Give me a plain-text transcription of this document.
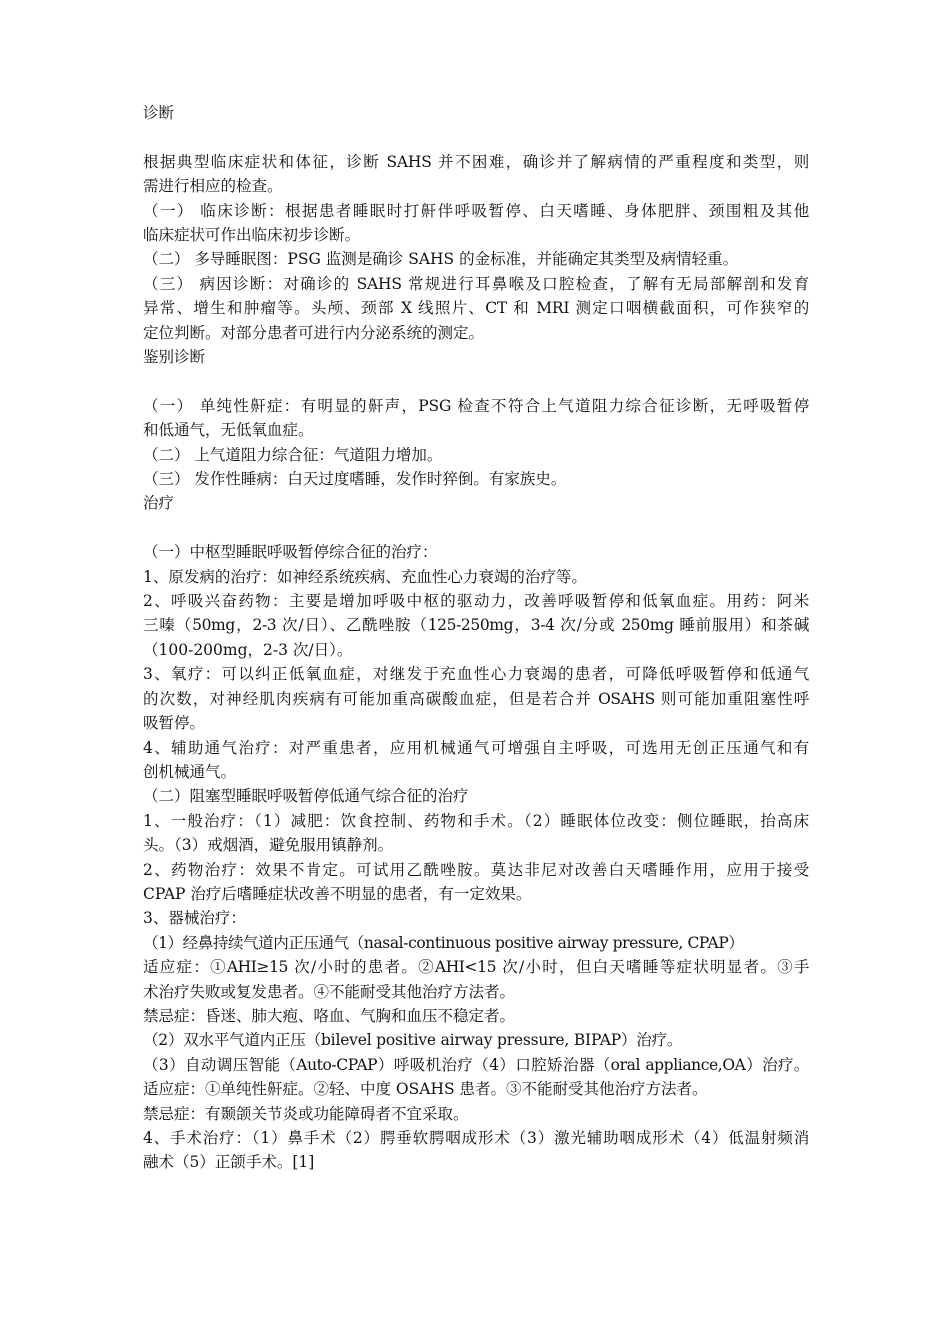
诊断
根据典型临床症状和体征，诊断 SAHS 并不困难，确诊并了解病情的严重程度和类型，则
需进行相应的检查。
（一） 临床诊断：根据患者睡眠时打鼾伴呼吸暂停、白天嗜睡、身体肥胖、颈围粗及其他
临床症状可作出临床初步诊断。
（二） 多导睡眠图：PSG 监测是确诊 SAHS 的金标准，并能确定其类型及病情轻重。
（三） 病因诊断：对确诊的 SAHS 常规进行耳鼻喉及口腔检查，了解有无局部解剖和发育
异常、增生和肿瘤等。头颅、颈部 X 线照片、CT 和 MRI 测定口咽横截面积，可作狭窄的
定位判断。对部分患者可进行内分泌系统的测定。
鉴别诊断
（一） 单纯性鼾症：有明显的鼾声，PSG 检查不符合上气道阻力综合征诊断，无呼吸暂停
和低通气，无低氧血症。
（二） 上气道阻力综合征：气道阻力增加。
（三） 发作性睡病：白天过度嗜睡，发作时猝倒。有家族史。
治疗
（一）中枢型睡眠呼吸暂停综合征的治疗：
1、原发病的治疗：如神经系统疾病、充血性心力衰竭的治疗等。
2、呼吸兴奋药物：主要是增加呼吸中枢的驱动力，改善呼吸暂停和低氧血症。用药：阿米
三嗪（50mg，2-3 次/日）、乙酰唑胺（125-250mg，3-4 次/分或 250mg 睡前服用）和茶碱
（100-200mg，2-3 次/日）。
3、氧疗：可以纠正低氧血症，对继发于充血性心力衰竭的患者，可降低呼吸暂停和低通气
的次数，对神经肌肉疾病有可能加重高碳酸血症，但是若合并 OSAHS 则可能加重阻塞性呼
吸暂停。
4、辅助通气治疗：对严重患者，应用机械通气可增强自主呼吸，可选用无创正压通气和有
创机械通气。
（二）阻塞型睡眠呼吸暂停低通气综合征的治疗
1、一般治疗：（1）减肥：饮食控制、药物和手术。（2）睡眠体位改变：侧位睡眠，抬高床
头。（3）戒烟酒，避免服用镇静剂。
2、药物治疗：效果不肯定。可试用乙酰唑胺。莫达非尼对改善白天嗜睡作用，应用于接受
CPAP 治疗后嗜睡症状改善不明显的患者，有一定效果。
3、器械治疗：
（1）经鼻持续气道内正压通气（nasal-continuous positive airway pressure, CPAP）
适应症：①AHI≥15 次/小时的患者。②AHI<15 次/小时，但白天嗜睡等症状明显者。③手
术治疗失败或复发患者。④不能耐受其他治疗方法者。
禁忌症：昏迷、肺大疱、咯血、气胸和血压不稳定者。
（2）双水平气道内正压（bilevel positive airway pressure, BIPAP）治疗。
（3）自动调压智能（Auto-CPAP）呼吸机治疗（4）口腔矫治器（oral appliance,OA）治疗。
适应症：①单纯性鼾症。②轻、中度 OSAHS 患者。③不能耐受其他治疗方法者。
禁忌症：有颞颌关节炎或功能障碍者不宜采取。
4、手术治疗：（1）鼻手术（2）腭垂软腭咽成形术（3）激光辅助咽成形术（4）低温射频消
融术（5）正颌手术。[1]
